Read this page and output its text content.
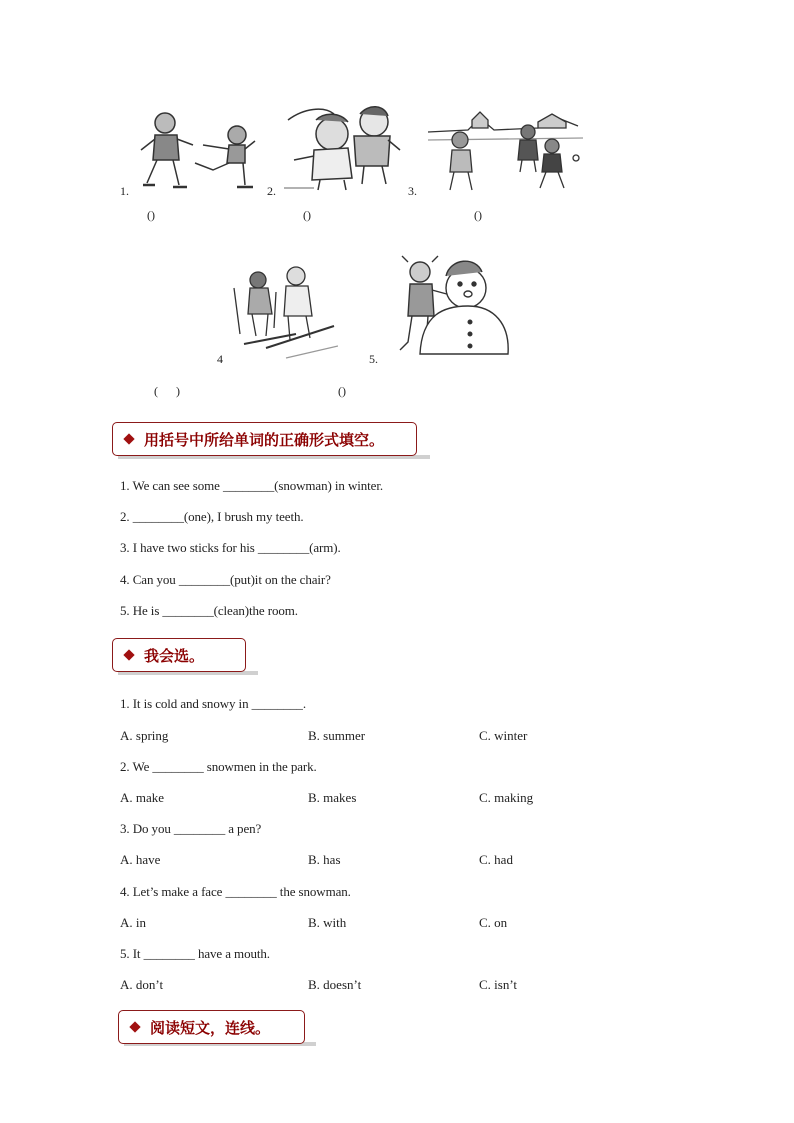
1.
()
2.
()
3.
()
4
(      )
5.
()
用括号中所给单词的正确形式填空。
1. We can see some ________(snowman) in winter.
2. ________(one), I brush my teeth.
3. I have two sticks for his ________(arm).
4. Can you ________(put)it on the chair?
5. He is ________(clean)the room.
我会选。
1. It is cold and snowy in ________.
A. spring	B. summer	C. winter
2. We ________ snowmen in the park.
A. make	B. makes	C. making
3. Do you ________ a pen?
A. have	B. has	C. had
4. Let’s make a face ________ the snowman.
A. in	B. with	C. on
5. It ________ have a mouth.
A. don’t	B. doesn’t	C. isn’t
阅读短文，连线。
